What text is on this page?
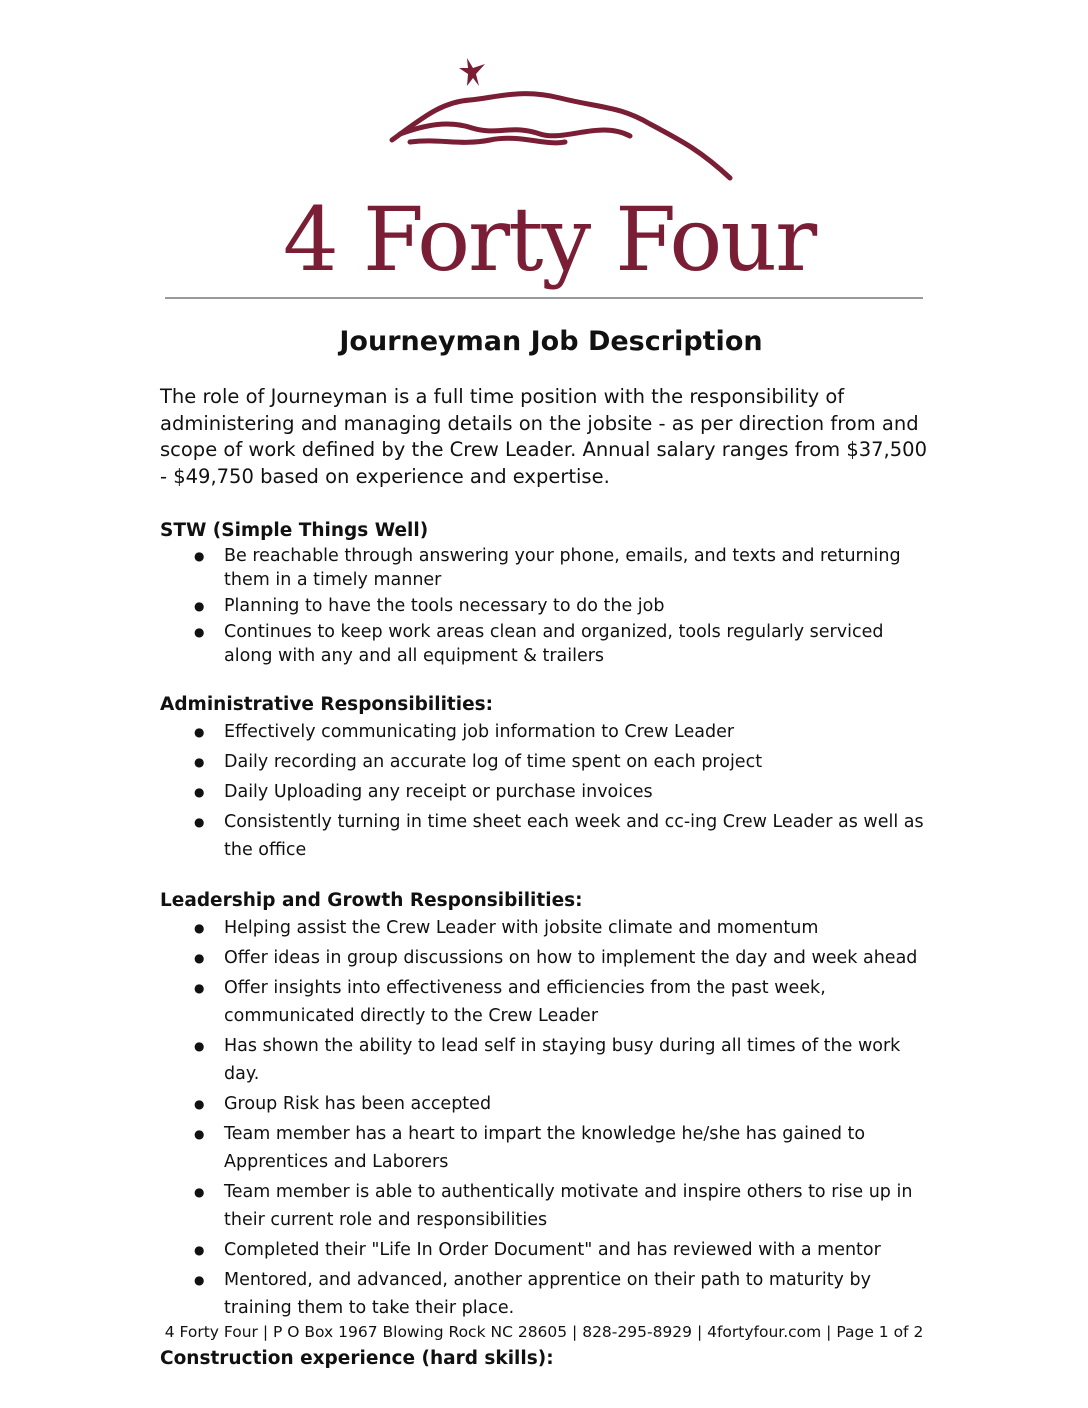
4 Forty Four
Journeyman Job Description

The role of Journeyman is a full time position with the responsibility of administering and managing details on the jobsite - as per direction from and scope of work defined by the Crew Leader. Annual salary ranges from $37,500 - $49,750 based on experience and expertise.

STW (Simple Things Well)
● Be reachable through answering your phone, emails, and texts and returning them in a timely manner
● Planning to have the tools necessary to do the job
● Continues to keep work areas clean and organized, tools regularly serviced along with any and all equipment & trailers
Administrative Responsibilities:
● Effectively communicating job information to Crew Leader
● Daily recording an accurate log of time spent on each project
● Daily Uploading any receipt or purchase invoices
● Consistently turning in time sheet each week and cc-ing Crew Leader as well as the office
Leadership and Growth Responsibilities:
● Helping assist the Crew Leader with jobsite climate and momentum
● Offer ideas in group discussions on how to implement the day and week ahead
● Offer insights into effectiveness and efficiencies from the past week, communicated directly to the Crew Leader
● Has shown the ability to lead self in staying busy during all times of the work day.
● Group Risk has been accepted
● Team member has a heart to impart the knowledge he/she has gained to Apprentices and Laborers
● Team member is able to authentically motivate and inspire others to rise up in their current role and responsibilities
● Completed their "Life In Order Document" and has reviewed with a mentor
● Mentored, and advanced, another apprentice on their path to maturity by training them to take their place.
Construction experience (hard skills):
4 Forty Four | P O Box 1967 Blowing Rock NC 28605 | 828-295-8929 | 4fortyfour.com | Page 1 of 2
